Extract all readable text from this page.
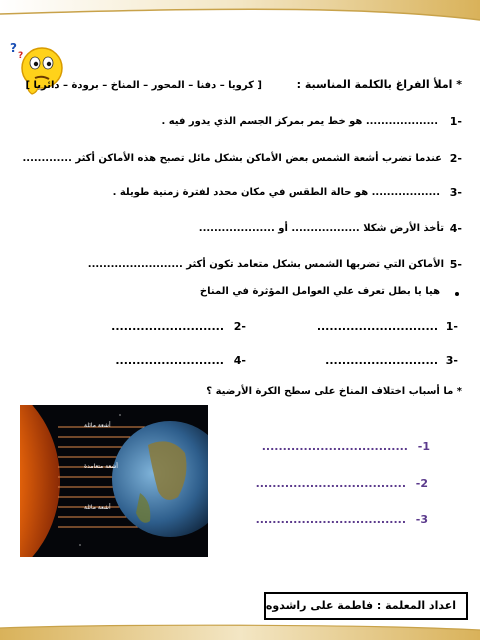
?
?
* املأ الفراغ بالكلمة المناسبة :
[ كرويا – دفنا – المحور – المناخ – برودة – دائريا ]
1-
................... هو خط يمر بمركز الجسم الذي يدور فيه .
2-
عندما تضرب أشعة الشمس بعض الأماكن بشكل مائل تصبح هذه الأماكن أكثر .............
3-
.................. هو حالة الطقس في مكان محدد لفترة زمنية طويلة .
4-
تأخذ الأرض شكلا .................. أو ....................
5-
الأماكن التي تضربها الشمس بشكل متعامد تكون أكثر .........................
هيا يا بطل تعرف علي العوامل المؤثرة في المناخ
1-
.............................
2-
...........................
3-
...........................
4-
..........................
* ما أسباب اختلاف المناخ على سطح الكرة الأرضية ؟
-1
...................................
-2
....................................
-3
....................................
أشعة مائلة
أشعة متعامدة
أشعة مائلة
اعداد المعلمة : فاطمة على راشدوه
